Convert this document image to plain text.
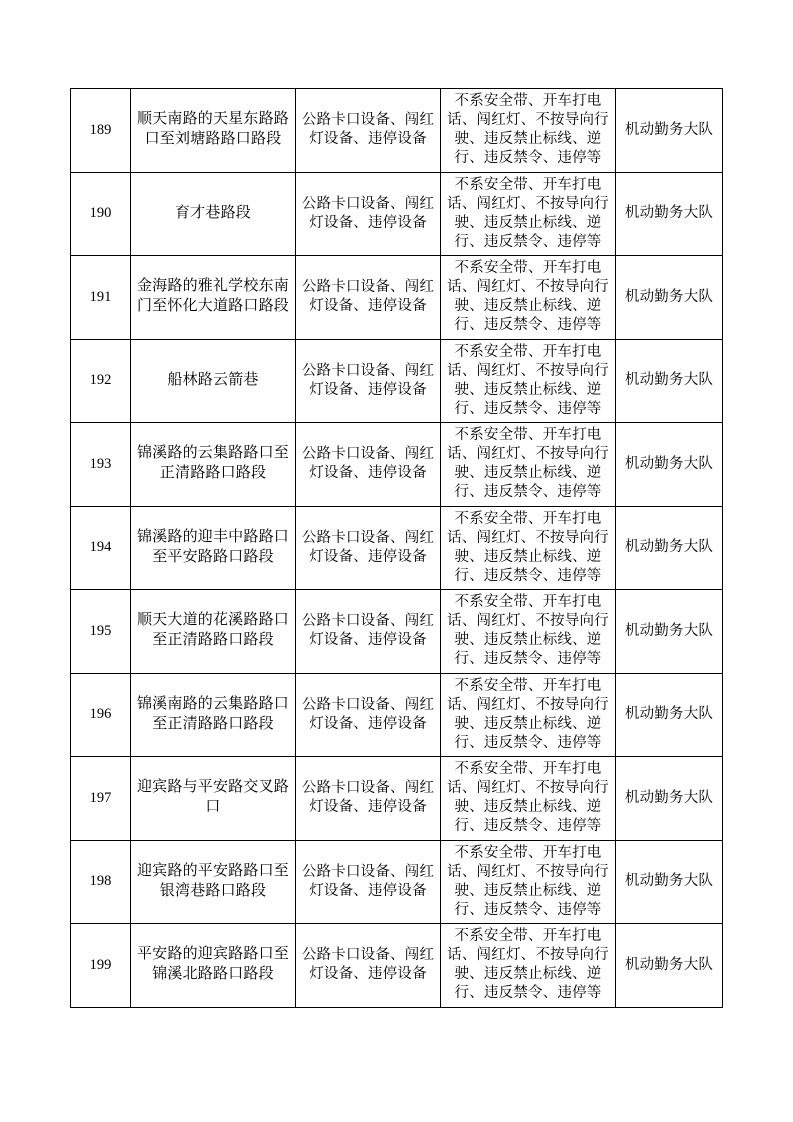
189	顺天南路的天星东路路口至刘塘路路口路段	公路卡口设备、闯红灯设备、违停设备	不系安全带、开车打电话、闯红灯、不按导向行驶、违反禁止标线、逆行、违反禁令、违停等	机动勤务大队
190	育才巷路段	公路卡口设备、闯红灯设备、违停设备	不系安全带、开车打电话、闯红灯、不按导向行驶、违反禁止标线、逆行、违反禁令、违停等	机动勤务大队
191	金海路的雅礼学校东南门至怀化大道路口路段	公路卡口设备、闯红灯设备、违停设备	不系安全带、开车打电话、闯红灯、不按导向行驶、违反禁止标线、逆行、违反禁令、违停等	机动勤务大队
192	船林路云箭巷	公路卡口设备、闯红灯设备、违停设备	不系安全带、开车打电话、闯红灯、不按导向行驶、违反禁止标线、逆行、违反禁令、违停等	机动勤务大队
193	锦溪路的云集路路口至正清路路口路段	公路卡口设备、闯红灯设备、违停设备	不系安全带、开车打电话、闯红灯、不按导向行驶、违反禁止标线、逆行、违反禁令、违停等	机动勤务大队
194	锦溪路的迎丰中路路口至平安路路口路段	公路卡口设备、闯红灯设备、违停设备	不系安全带、开车打电话、闯红灯、不按导向行驶、违反禁止标线、逆行、违反禁令、违停等	机动勤务大队
195	顺天大道的花溪路路口至正清路路口路段	公路卡口设备、闯红灯设备、违停设备	不系安全带、开车打电话、闯红灯、不按导向行驶、违反禁止标线、逆行、违反禁令、违停等	机动勤务大队
196	锦溪南路的云集路路口至正清路路口路段	公路卡口设备、闯红灯设备、违停设备	不系安全带、开车打电话、闯红灯、不按导向行驶、违反禁止标线、逆行、违反禁令、违停等	机动勤务大队
197	迎宾路与平安路交叉路口	公路卡口设备、闯红灯设备、违停设备	不系安全带、开车打电话、闯红灯、不按导向行驶、违反禁止标线、逆行、违反禁令、违停等	机动勤务大队
198	迎宾路的平安路路口至银湾巷路口路段	公路卡口设备、闯红灯设备、违停设备	不系安全带、开车打电话、闯红灯、不按导向行驶、违反禁止标线、逆行、违反禁令、违停等	机动勤务大队
199	平安路的迎宾路路口至锦溪北路路口路段	公路卡口设备、闯红灯设备、违停设备	不系安全带、开车打电话、闯红灯、不按导向行驶、违反禁止标线、逆行、违反禁令、违停等	机动勤务大队
